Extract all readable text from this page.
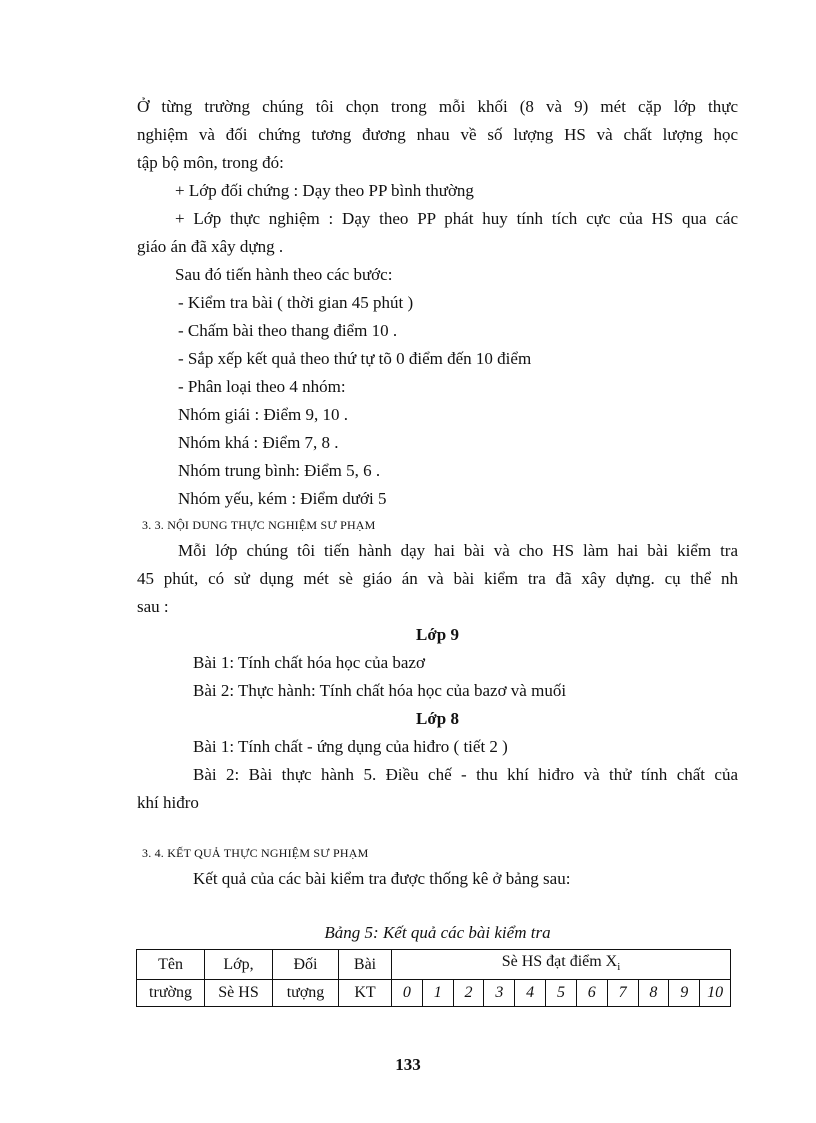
Ở từng trường chúng tôi chọn trong mỗi khối (8 và 9) mét cặp lớp thực
nghiệm và đối chứng tương đương nhau về số lượng HS và chất lượng học
tập bộ môn, trong đó:
+ Lớp đối chứng : Dạy theo PP bình thường
+ Lớp thực nghiệm : Dạy theo PP phát huy tính tích cực của HS qua các
giáo án đã xây dựng .
Sau đó tiến hành theo các bước:
- Kiểm tra bài ( thời gian 45 phút )
- Chấm bài theo thang điểm 10 .
- Sắp xếp kết quả theo thứ tự tõ 0 điểm đến 10 điểm
- Phân loại theo 4 nhóm:
Nhóm giái : Điểm 9, 10 .
Nhóm khá : Điểm 7, 8 .
Nhóm trung bình: Điểm 5, 6 .
Nhóm yếu, kém : Điểm dưới 5
3. 3. NỘI DUNG THỰC NGHIỆM SƯ PHẠM
Mỗi lớp chúng tôi tiến hành dạy hai bài và cho HS làm hai bài kiểm tra
45 phút, có sử dụng mét sè giáo án và bài kiểm tra đã xây dựng. cụ thể nh
sau :
Lớp 9
Bài 1: Tính chất hóa học của bazơ
Bài 2: Thực hành: Tính chất hóa học của bazơ và muối
Lớp 8
Bài 1: Tính chất - ứng dụng của hiđro ( tiết 2 )
Bài 2: Bài thực hành 5. Điều chế - thu khí hiđro và thử tính chất của
khí hiđro
3. 4. KẾT QUẢ THỰC NGHIỆM SƯ PHẠM
Kết quả của các bài kiểm tra được thống kê ở bảng sau:
Bảng 5: Kết quả các bài kiểm tra
Tên	Lớp,	Đối	Bài	Sè HS đạt điểm $X_i$
trường	Sè HS	tượng	KT	0	1	2	3	4	5	6	7	8	9	10
133
